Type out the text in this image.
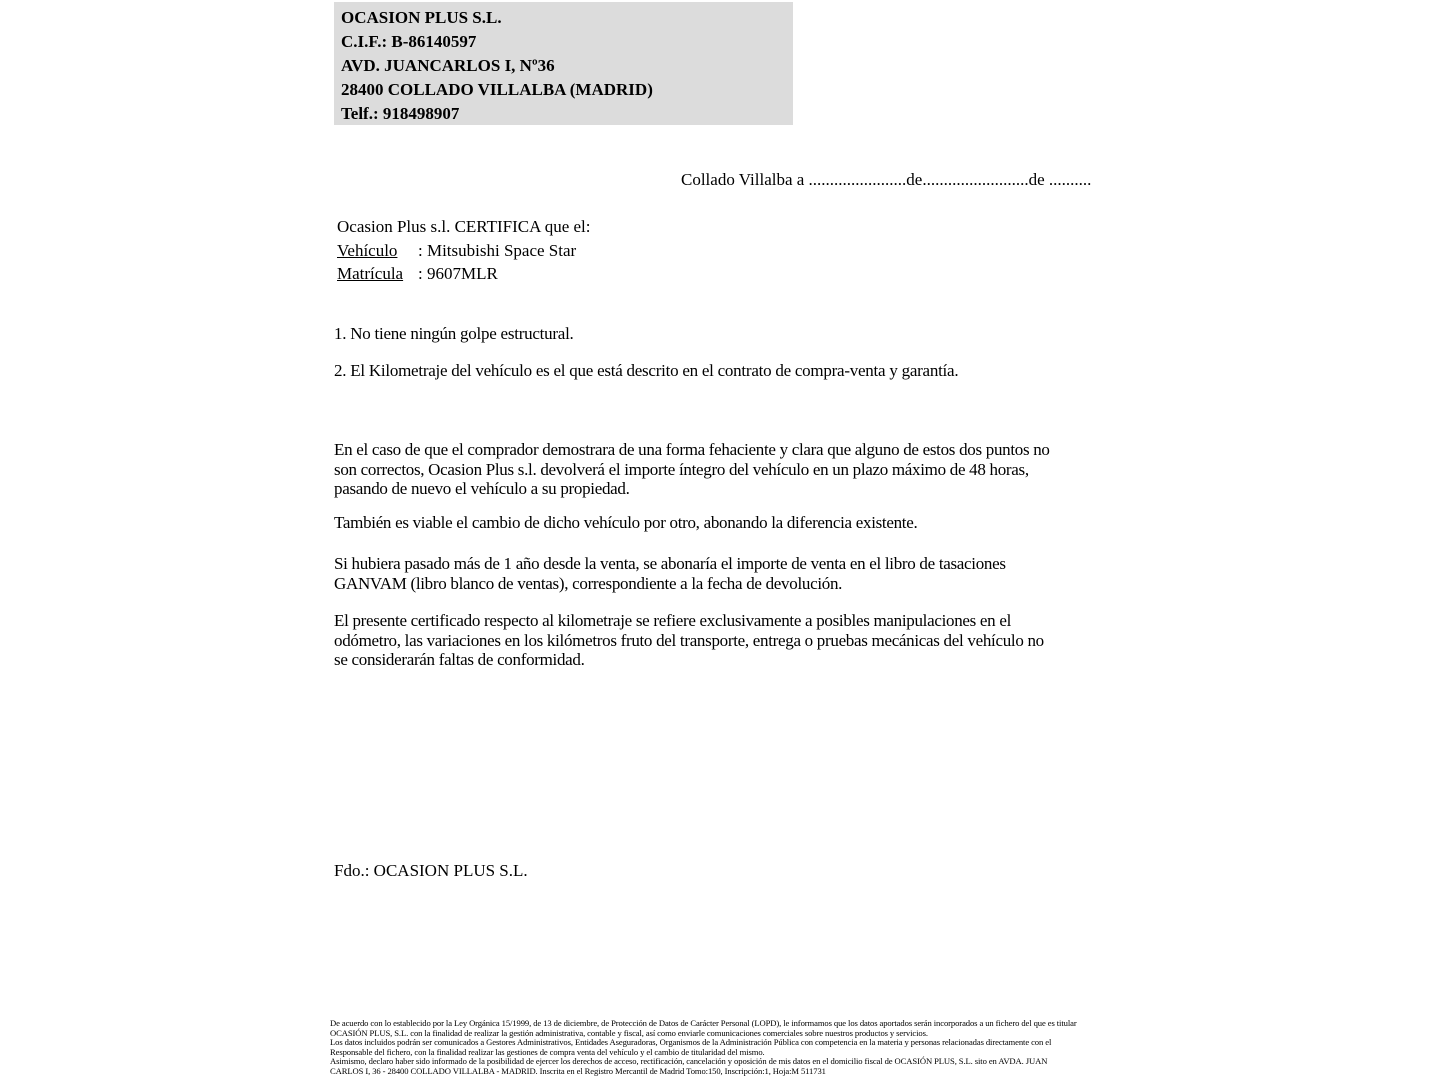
OCASION PLUS S.L.
C.I.F.: B-86140597
AVD. JUANCARLOS I, Nº36
28400 COLLADO VILLALBA (MADRID)
Telf.: 918498907
Collado Villalba a .......................de.........................de ..........
Ocasion Plus s.l. CERTIFICA que el:
Vehículo : Mitsubishi Space Star
Matrícula : 9607MLR
1. No tiene ningún golpe estructural.
2. El Kilometraje del vehículo es el que está descrito en el contrato de compra-venta y garantía.
En el caso de que el comprador demostrara de una forma fehaciente y clara que alguno de estos dos puntos no
son correctos, Ocasion Plus s.l. devolverá el importe íntegro del vehículo en un plazo máximo de 48 horas,
pasando de nuevo el vehículo a su propiedad.
También es viable el cambio de dicho vehículo por otro, abonando la diferencia existente.
Si hubiera pasado más de 1 año desde la venta, se abonaría el importe de venta en el libro de tasaciones
GANVAM (libro blanco de ventas), correspondiente a la fecha de devolución.
El presente certificado respecto al kilometraje se refiere exclusivamente a posibles manipulaciones en el
odómetro, las variaciones en los kilómetros fruto del transporte, entrega o pruebas mecánicas del vehículo no
se considerarán faltas de conformidad.
Fdo.: OCASION PLUS S.L.
De acuerdo con lo establecido por la Ley Orgánica 15/1999, de 13 de diciembre, de Protección de Datos de Carácter Personal (LOPD), le informamos que los datos aportados serán incorporados a un fichero del que es titular
OCASIÓN PLUS, S.L. con la finalidad de realizar la gestión administrativa, contable y fiscal, así como enviarle comunicaciones comerciales sobre nuestros productos y servicios.
Los datos incluidos podrán ser comunicados a Gestores Administrativos, Entidades Aseguradoras, Organismos de la Administración Pública con competencia en la materia y personas relacionadas directamente con el
Responsable del fichero, con la finalidad realizar las gestiones de compra venta del vehículo y el cambio de titularidad del mismo.
Asimismo, declaro haber sido informado de la posibilidad de ejercer los derechos de acceso, rectificación, cancelación y oposición de mis datos en el domicilio fiscal de OCASIÓN PLUS, S.L. sito en AVDA. JUAN
CARLOS I, 36 - 28400 COLLADO VILLALBA - MADRID. Inscrita en el Registro Mercantil de Madrid Tomo:150, Inscripción:1, Hoja:M 511731
